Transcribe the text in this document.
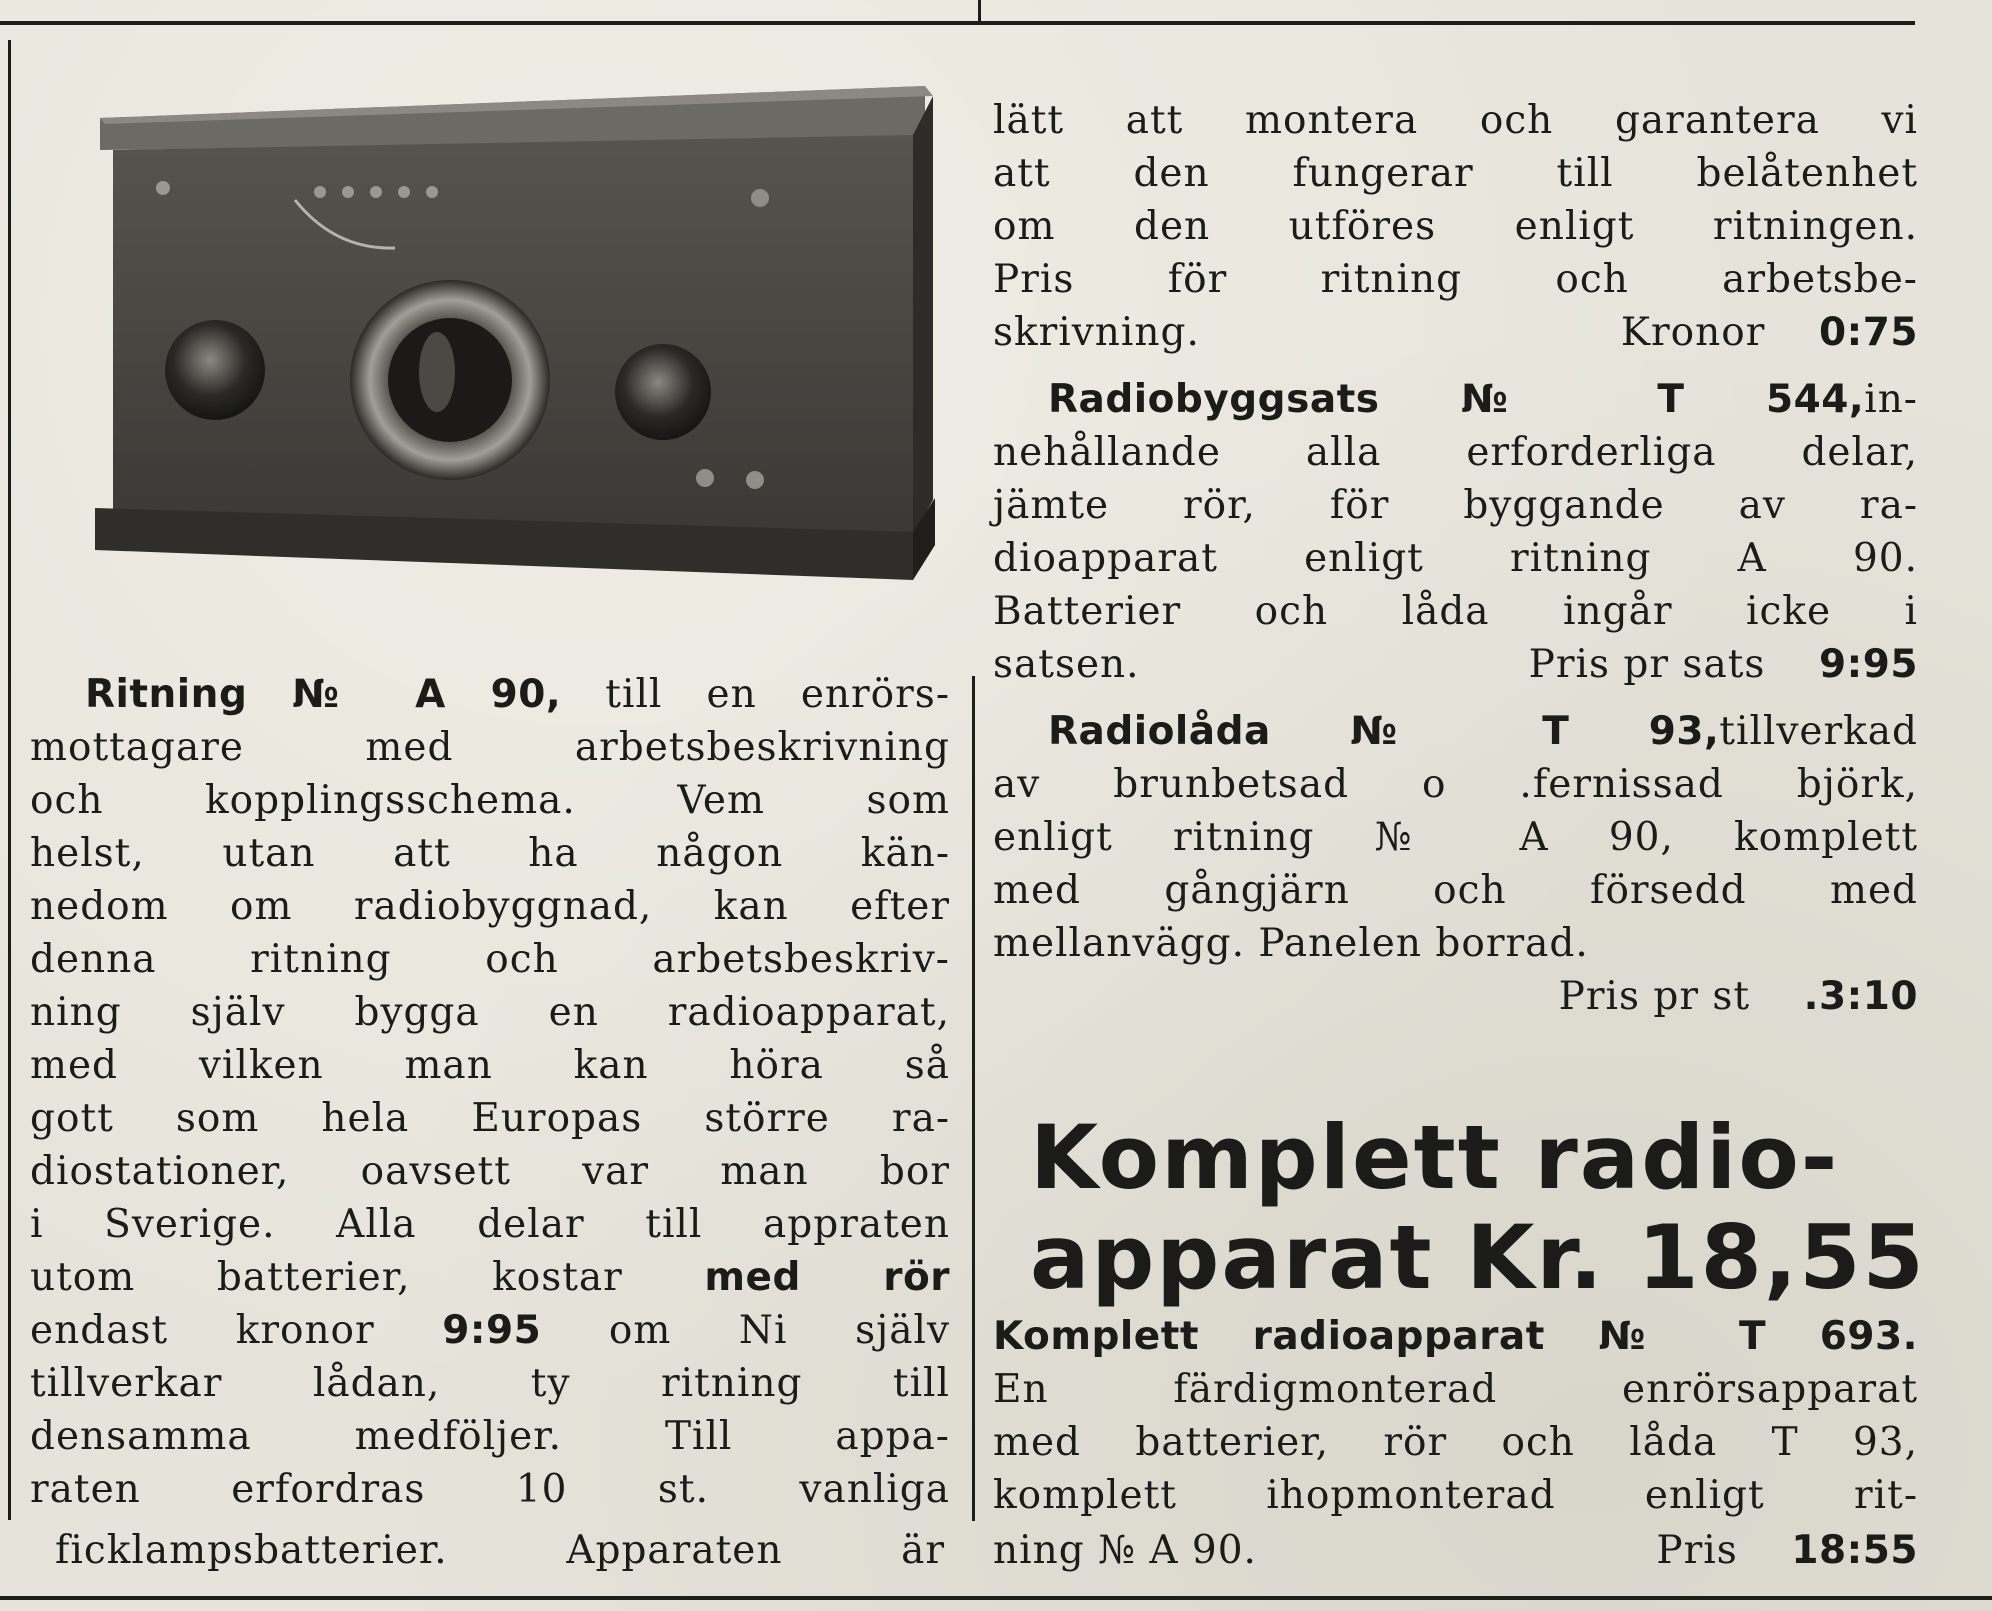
Ritning № A 90, till en enrörs-
mottagare med arbetsbeskrivning
och kopplingsschema. Vem som
helst, utan att ha någon kän-
nedom om radiobyggnad, kan efter
denna ritning och arbetsbeskriv-
ning själv bygga en radioapparat,
med vilken man kan höra så
gott som hela Europas större ra-
diostationer, oavsett var man bor
i Sverige. Alla delar till appraten
utom batterier, kostar med rör
endast kronor 9:95 om Ni själv
tillverkar lådan, ty ritning till
densamma medföljer. Till appa-
raten erfordras 10 st. vanliga
lätt att montera och garantera vi
att den fungerar till belåtenhet
om den utföres enligt ritningen.
Pris för ritning och arbetsbe-
skrivning.	Kronor 0:75
Radiobyggsats № T 544, in-
nehållande alla erforderliga delar,
jämte rör, för byggande av ra-
dioapparat enligt ritning A 90.
Batterier och låda ingår icke i
satsen.	Pris pr sats 9:95
Radiolåda № T 93, tillverkad
av brunbetsad o .fernissad björk,
enligt ritning № A 90, komplett
med gångjärn och försedd med
mellanvägg. Panelen borrad.
Pris pr st .3:10
Komplett radio-
apparat Kr. 18,55
Komplett radioapparat № T 693.
En färdigmonterad enrörsapparat
med batterier, rör och låda T 93,
komplett ihopmonterad enligt rit-
ficklampsbatterier. Apparaten är ning № A 90.	Pris 18:55
